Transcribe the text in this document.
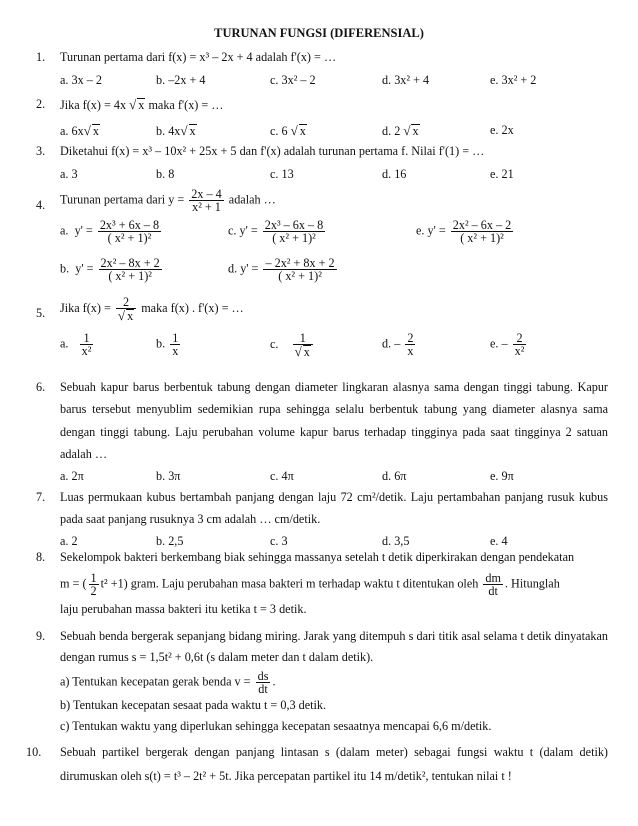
TURUNAN FUNGSI (DIFERENSIAL)
1.	Turunan pertama dari f(x) = x³ – 2x + 4 adalah f'(x) = …
a. 3x – 2	b. –2x + 4	c. 3x² – 2	d. 3x² + 4	e. 3x² + 2
2.	Jika f(x) = 4x √ x maka f'(x) = …
a. 6x√ x	b. 4x√ x	c. 6 √ x	d. 2 √ x	e. 2x
3.	Diketahui f(x) = x³ – 10x² + 25x + 5 dan f'(x) adalah turunan pertama f. Nilai f'(1) = …
a. 3	b. 8	c. 13	d. 16	e. 21
4.	Turunan pertama dari $y = \frac{2x - 4}{\text{x² + 1}}$ adalah …
a.  $y' = \frac{\text{2x³ + 6x – 8}}{\text{( x² + 1)²}}$	c. $y' = \frac{\text{2x³ – 6x – 8}}{\text{( x² + 1)²}}$	e. $y' = \frac{\text{2x² – 6x – 2}}{\text{( x² + 1)²}}$
b.  $y' = \frac{\text{2x² – 8x + 2}}{\text{( x² + 1)²}}$	d. $y' = \frac{\text{– 2x² + 8x + 2}}{\text{( x² + 1)²}}$
5.	Jika $f(x) = \frac{2}{√ x}$ maka f(x) . f'(x) = …
a. $\frac{1}{\text{x²}}$	b. $\frac{1}{x}$	c. $\frac{1}{√ x}$	d. – $\frac{2}{x}$	e. – $\frac{2}{\text{x²}}$
6.	Sebuah kapur barus berbentuk tabung dengan diameter lingkaran alasnya sama dengan tinggi tabung. Kapur barus tersebut menyublim sedemikian rupa sehingga selalu berbentuk tabung yang diameter alasnya sama dengan tinggi tabung. Laju perubahan volume kapur barus terhadap tingginya pada saat tingginya 2 satuan adalah …
a. 2π	b. 3π	c. 4π	d. 6π	e. 9π
7.	Luas permukaan kubus bertambah panjang dengan laju 72 cm²/detik. Laju pertambahan panjang rusuk kubus pada saat panjang rusuknya 3 cm adalah … cm/detik.
a. 2	b. 2,5	c. 3	d. 3,5	e. 4
8.	Sekelompok bakteri berkembang biak sehingga massanya setelah t detik diperkirakan dengan pendekatan
m = ( $\frac{1}{2} t^2 +1$) gram. Laju perubahan masa bakteri m terhadap waktu t ditentukan oleh $\frac{dm}{dt}$ . Hitunglah
laju perubahan massa bakteri itu ketika t = 3 detik.
9.	Sebuah benda bergerak sepanjang bidang miring. Jarak yang ditempuh s dari titik asal selama t detik dinyatakan dengan rumus s = 1,5t² + 0,6t (s dalam meter dan t dalam detik).
a) Tentukan kecepatan gerak benda $v = \frac{ds}{dt}$ .
b) Tentukan kecepatan sesaat pada waktu t = 0,3 detik.
c) Tentukan waktu yang diperlukan sehingga kecepatan sesaatnya mencapai 6,6 m/detik.
10.	Sebuah partikel bergerak dengan panjang lintasan s (dalam meter) sebagai fungsi waktu t (dalam detik) dirumuskan oleh s(t) = t³ – 2t² + 5t. Jika percepatan partikel itu 14 m/detik², tentukan nilai t !
